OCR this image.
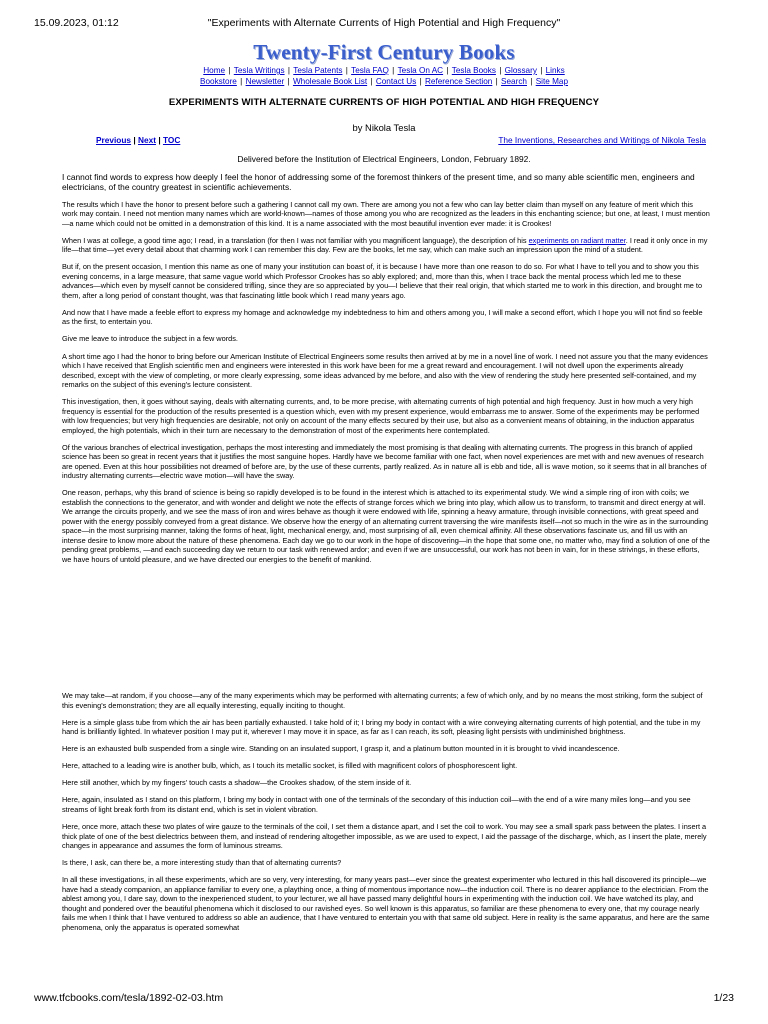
15.09.2023, 01:12	"Experiments with Alternate Currents of High Potential and High Frequency"
Twenty-First Century Books
Home | Tesla Writings | Tesla Patents | Tesla FAQ | Tesla On AC | Tesla Books | Glossary | Links
Bookstore | Newsletter | Wholesale Book List | Contact Us | Reference Section | Search | Site Map
EXPERIMENTS WITH ALTERNATE CURRENTS OF HIGH POTENTIAL AND HIGH FREQUENCY
by Nikola Tesla
Previous | Next | TOC	The Inventions, Researches and Writings of Nikola Tesla
Delivered before the Institution of Electrical Engineers, London, February 1892.

I cannot find words to express how deeply I feel the honor of addressing some of the foremost thinkers of the present time, and so many able scientific men, engineers and electricians, of the country greatest in scientific achievements.

The results which I have the honor to present before such a gathering I cannot call my own. There are among you not a few who can lay better claim than myself on any feature of merit which this work may contain. I need not mention many names which are world-known—names of those among you who are recognized as the leaders in this enchanting science; but one, at least, I must mention—a name which could not be omitted in a demonstration of this kind. It is a name associated with the most beautiful invention ever made: it is Crookes!

When I was at college, a good time ago; I read, in a translation (for then I was not familiar with you magnificent language), the description of his experiments on radiant matter. I read it only once in my life—that time—yet every detail about that charming work I can remember this day. Few are the books, let me say, which can make such an impression upon the mind of a student.

But if, on the present occasion, I mention this name as one of many your institution can boast of, it is because I have more than one reason to do so. For what I have to tell you and to show you this evening concerns, in a large measure, that same vague world which Professor Crookes has so ably explored; and, more than this, when I trace back the mental process which led me to these advances—which even by myself cannot be considered trifling, since they are so appreciated by you—I believe that their real origin, that which started me to work in this direction, and brought me to them, after a long period of constant thought, was that fascinating little book which I read many years ago.

And now that I have made a feeble effort to express my homage and acknowledge my indebtedness to him and others among you, I will make a second effort, which I hope you will not find so feeble as the first, to entertain you.

Give me leave to introduce the subject in a few words.

A short time ago I had the honor to bring before our American Institute of Electrical Engineers some results then arrived at by me in a novel line of work. I need not assure you that the many evidences which I have received that English scientific men and engineers were interested in this work have been for me a great reward and encouragement. I will not dwell upon the experiments already described, except with the view of completing, or more clearly expressing, some ideas advanced by me before, and also with the view of rendering the study here presented self-contained, and my remarks on the subject of this evening's lecture consistent.

This investigation, then, it goes without saying, deals with alternating currents, and, to be more precise, with alternating currents of high potential and high frequency. Just in how much a very high frequency is essential for the production of the results presented is a question which, even with my present experience, would embarrass me to answer. Some of the experiments may be performed with low frequencies; but very high frequencies are desirable, not only on account of the many effects secured by their use, but also as a convenient means of obtaining, in the induction apparatus employed, the high potentials, which in their turn are necessary to the demonstration of most of the experiments here contemplated.

Of the various branches of electrical investigation, perhaps the most interesting and immediately the most promising is that dealing with alternating currents. The progress in this branch of applied science has been so great in recent years that it justifies the most sanguine hopes. Hardly have we become familiar with one fact, when novel experiences are met with and new avenues of research are opened. Even at this hour possibilities not dreamed of before are, by the use of these currents, partly realized. As in nature all is ebb and tide, all is wave motion, so it seems that in all branches of industry alternating currents—electric wave motion—will have the sway.

One reason, perhaps, why this brand of science is being so rapidly developed is to be found in the interest which is attached to its experimental study. We wind a simple ring of iron with coils; we establish the connections to the generator, and with wonder and delight we note the effects of strange forces which we bring into play, which allow us to transform, to transmit and direct energy at will. We arrange the circuits properly, and we see the mass of iron and wires behave as though it were endowed with life, spinning a heavy armature, through invisible connections, with great speed and power with the energy possibly conveyed from a great distance. We observe how the energy of an alternating current traversing the wire manifests itself—not so much in the wire as in the surrounding space—in the most surprising manner, taking the forms of heat, light, mechanical energy, and, most surprising of all, even chemical affinity. All these observations fascinate us, and fill us with an intense desire to know more about the nature of these phenomena. Each day we go to our work in the hope of discovering—in the hope that some one, no matter who, may find a solution of one of the pending great problems, —and each succeeding day we return to our task with renewed ardor; and even if we are unsuccessful, our work has not been in vain, for in these strivings, in these efforts, we have hours of untold pleasure, and we have directed our energies to the benefit of mankind.

We may take—at random, if you choose—any of the many experiments which may be performed with alternating currents; a few of which only, and by no means the most striking, form the subject of this evening's demonstration; they are all equally interesting, equally inciting to thought.

Here is a simple glass tube from which the air has been partially exhausted. I take hold of it; I bring my body in contact with a wire conveying alternating currents of high potential, and the tube in my hand is brilliantly lighted. In whatever position I may put it, wherever I may move it in space, as far as I can reach, its soft, pleasing light persists with undiminished brightness.

Here is an exhausted bulb suspended from a single wire. Standing on an insulated support, I grasp it, and a platinum button mounted in it is brought to vivid incandescence.

Here, attached to a leading wire is another bulb, which, as I touch its metallic socket, is filled with magnificent colors of phosphorescent light.

Here still another, which by my fingers' touch casts a shadow—the Crookes shadow, of the stem inside of it.

Here, again, insulated as I stand on this platform, I bring my body in contact with one of the terminals of the secondary of this induction coil—with the end of a wire many miles long—and you see streams of light break forth from its distant end, which is set in violent vibration.

Here, once more, attach these two plates of wire gauze to the terminals of the coil, I set them a distance apart, and I set the coil to work. You may see a small spark pass between the plates. I insert a thick plate of one of the best dielectrics between them, and instead of rendering altogether impossible, as we are used to expect, I aid the passage of the discharge, which, as I insert the plate, merely changes in appearance and assumes the form of luminous streams.

Is there, I ask, can there be, a more interesting study than that of alternating currents?

In all these investigations, in all these experiments, which are so very, very interesting, for many years past—ever since the greatest experimenter who lectured in this hall discovered its principle—we have had a steady companion, an appliance familiar to every one, a plaything once, a thing of momentous importance now—the induction coil. There is no dearer appliance to the electrician. From the ablest among you, I dare say, down to the inexperienced student, to your lecturer, we all have passed many delightful hours in experimenting with the induction coil. We have watched its play, and thought and pondered over the beautiful phenomena which it disclosed to our ravished eyes. So well known is this apparatus, so familiar are these phenomena to every one, that my courage nearly fails me when I think that I have ventured to address so able an audience, that I have ventured to entertain you with that same old subject. Here in reality is the same apparatus, and here are the same phenomena, only the apparatus is operated somewhat

www.tfcbooks.com/tesla/1892-02-03.htm	1/23
